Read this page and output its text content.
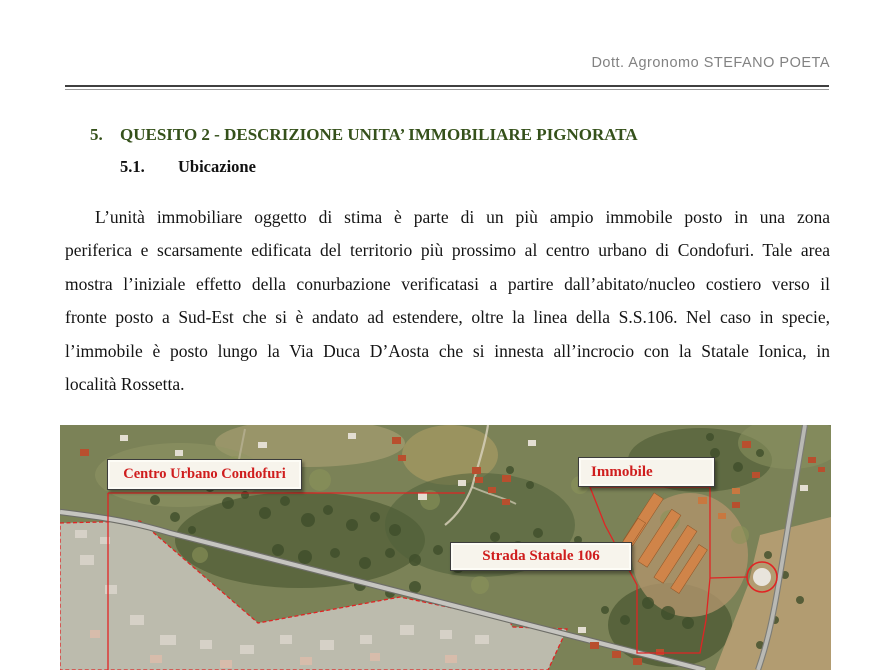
Dott. Agronomo STEFANO POETA
5. QUESITO 2 - DESCRIZIONE UNITA’ IMMOBILIARE PIGNORATA
5.1. Ubicazione
L’unità immobiliare oggetto di stima è parte di un più ampio immobile posto in una zona
periferica e scarsamente edificata del territorio più prossimo al centro urbano di Condofuri. Tale area
mostra l’iniziale effetto della conurbazione verificatasi a partire dall’abitato/nucleo costiero verso il
fronte posto a Sud-Est che si è andato ad estendere, oltre la linea della S.S.106. Nel caso in specie,
l’immobile è posto lungo la Via Duca D’Aosta che si innesta all’incrocio con la Statale Ionica, in
località Rossetta.
Centro Urbano Condofuri	Immobile
Strada Statale 106
